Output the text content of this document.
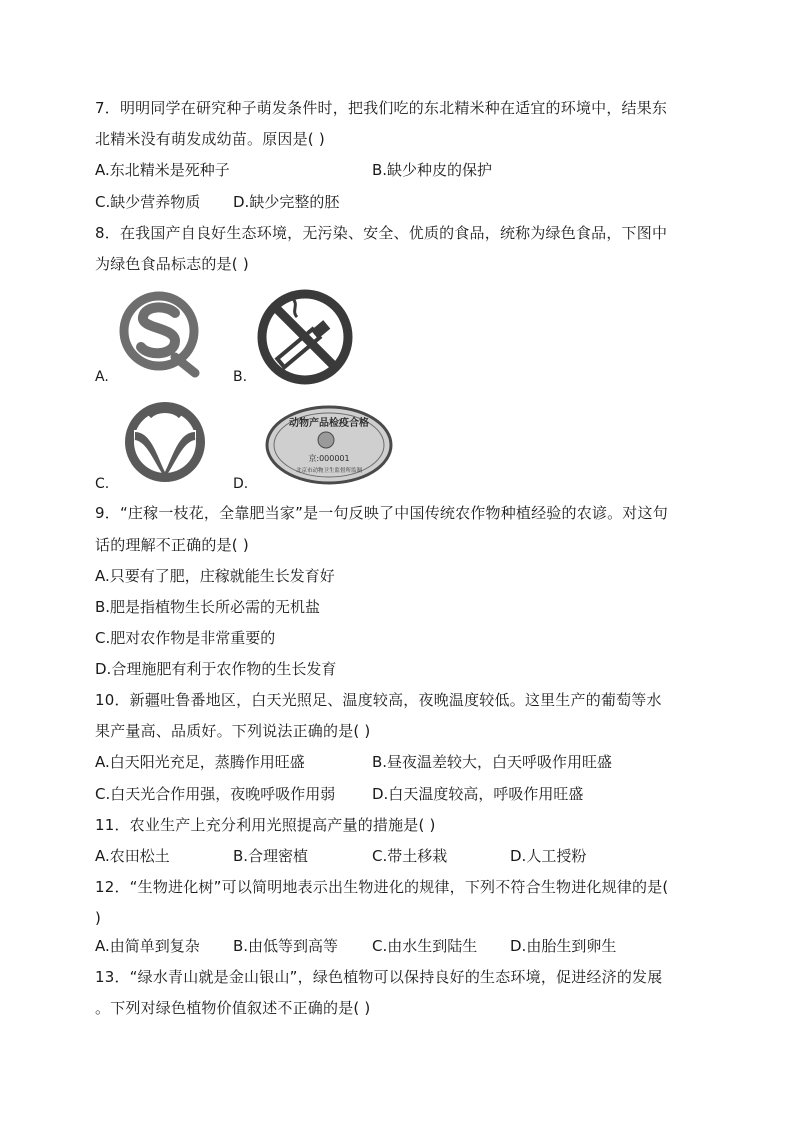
7．明明同学在研究种子萌发条件时，把我们吃的东北精米种在适宜的环境中，结果东
北精米没有萌发成幼苗。原因是( )
A.东北精米是死种子	B.缺少种皮的保护
C.缺少营养物质 D.缺少完整的胚
8．在我国产自良好生态环境，无污染、安全、优质的食品，统称为绿色食品，下图中
为绿色食品标志的是( )
A.	B.
C.
动物产品检疫合格
京:000001
北京市动物卫生监督所监制
D.
9．“庄稼一枝花，全靠肥当家”是一句反映了中国传统农作物种植经验的农谚。对这句
话的理解不正确的是( )
A.只要有了肥，庄稼就能生长发育好
B.肥是指植物生长所必需的无机盐
C.肥对农作物是非常重要的
D.合理施肥有利于农作物的生长发育
10．新疆吐鲁番地区，白天光照足、温度较高，夜晚温度较低。这里生产的葡萄等水
果产量高、品质好。下列说法正确的是( )
A.白天阳光充足，蒸腾作用旺盛	B.昼夜温差较大，白天呼吸作用旺盛
C.白天光合作用强，夜晚呼吸作用弱 D.白天温度较高，呼吸作用旺盛
11．农业生产上充分利用光照提高产量的措施是( )
A.农田松土	B.合理密植	C.带土移栽	D.人工授粉
12．“生物进化树”可以简明地表示出生物进化的规律，下列不符合生物进化规律的是(
)
A.由简单到复杂 B.由低等到高等 C.由水生到陆生 D.由胎生到卵生
13．“绿水青山就是金山银山”，绿色植物可以保持良好的生态环境，促进经济的发展
。下列对绿色植物价值叙述不正确的是( )
